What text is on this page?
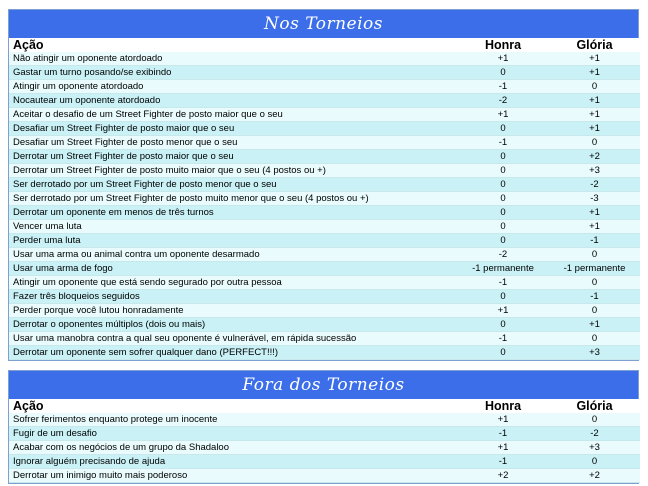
Nos Torneios
Ação	Honra	Glória
Não atingir um oponente atordoado	+1	+1
Gastar um turno posando/se exibindo	0	+1
Atingir um oponente atordoado	-1	0
Nocautear um oponente atordoado	-2	+1
Aceitar o desafio de um Street Fighter de posto maior que o seu	+1	+1
Desafiar um Street Fighter de posto maior que o seu	0	+1
Desafiar um Street Fighter de posto menor que o seu	-1	0
Derrotar um Street Fighter de posto maior que o seu	0	+2
Derrotar um Street Fighter de posto muito maior que o seu (4 postos ou +)	0	+3
Ser derrotado por um Street Fighter de posto menor que o seu	0	-2
Ser derrotado por um Street Fighter de posto muito menor que o seu (4 postos ou +)	0	-3
Derrotar um oponente em menos de três turnos	0	+1
Vencer uma luta	0	+1
Perder uma luta	0	-1
Usar uma arma ou animal contra um oponente desarmado	-2	0
Usar uma arma de fogo	-1 permanente	-1 permanente
Atingir um oponente que está sendo segurado por outra pessoa	-1	0
Fazer três bloqueios seguidos	0	-1
Perder porque você lutou honradamente	+1	0
Derrotar o oponentes múltiplos (dois ou mais)	0	+1
Usar uma manobra contra a qual seu oponente é vulnerável, em rápida sucessão	-1	0
Derrotar um oponente sem sofrer qualquer dano (PERFECT!!!)	0	+3
Fora dos Torneios
Ação	Honra	Glória
Sofrer ferimentos enquanto protege um inocente	+1	0
Fugir de um desafio	-1	-2
Acabar com os negócios de um grupo da Shadaloo	+1	+3
Ignorar alguém precisando de ajuda	-1	0
Derrotar um inimigo muito mais poderoso	+2	+2
